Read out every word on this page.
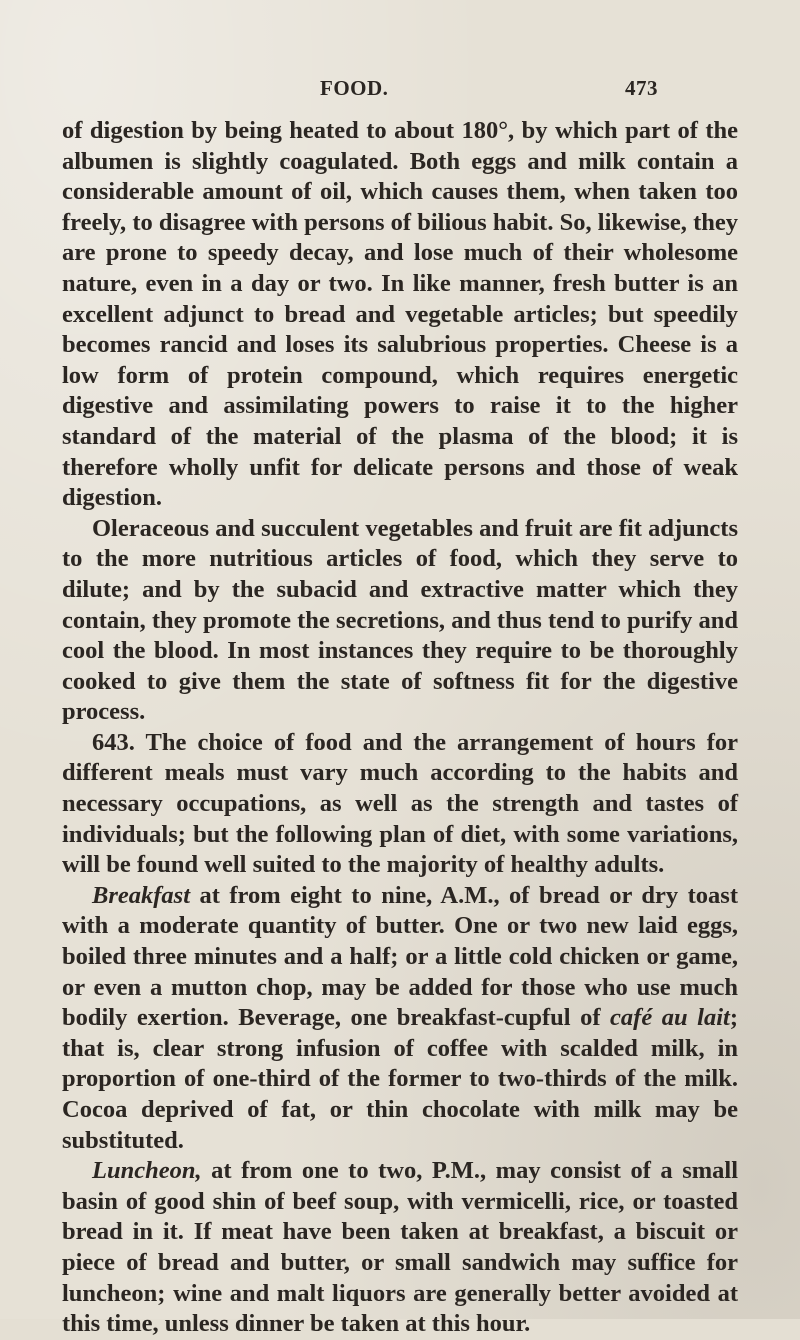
FOOD.	473

of digestion by being heated to about 180°, by which part of the albumen is slightly coagulated. Both eggs and milk contain a considerable amount of oil, which causes them, when taken too freely, to disagree with persons of bilious habit. So, likewise, they are prone to speedy decay, and lose much of their wholesome nature, even in a day or two. In like manner, fresh butter is an excellent adjunct to bread and vegetable articles; but speedily becomes rancid and loses its salubrious properties. Cheese is a low form of protein compound, which requires energetic digestive and assimilating powers to raise it to the higher standard of the material of the plasma of the blood; it is therefore wholly unfit for delicate persons and those of weak digestion.

Oleraceous and succulent vegetables and fruit are fit adjuncts to the more nutritious articles of food, which they serve to dilute; and by the subacid and extractive matter which they contain, they promote the secretions, and thus tend to purify and cool the blood. In most instances they require to be thoroughly cooked to give them the state of softness fit for the digestive process.

643. The choice of food and the arrangement of hours for different meals must vary much according to the habits and necessary occupations, as well as the strength and tastes of individuals; but the following plan of diet, with some variations, will be found well suited to the majority of healthy adults.

Breakfast at from eight to nine, A.M., of bread or dry toast with a moderate quantity of butter. One or two new laid eggs, boiled three minutes and a half; or a little cold chicken or game, or even a mutton chop, may be added for those who use much bodily exertion. Beverage, one breakfast-cupful of café au lait; that is, clear strong infusion of coffee with scalded milk, in proportion of one-third of the former to two-thirds of the milk. Cocoa deprived of fat, or thin chocolate with milk may be substituted.

Luncheon, at from one to two, P.M., may consist of a small basin of good shin of beef soup, with vermicelli, rice, or toasted bread in it. If meat have been taken at breakfast, a biscuit or piece of bread and butter, or small sandwich may suffice for luncheon; wine and malt liquors are generally better avoided at this time, unless dinner be taken at this hour.
